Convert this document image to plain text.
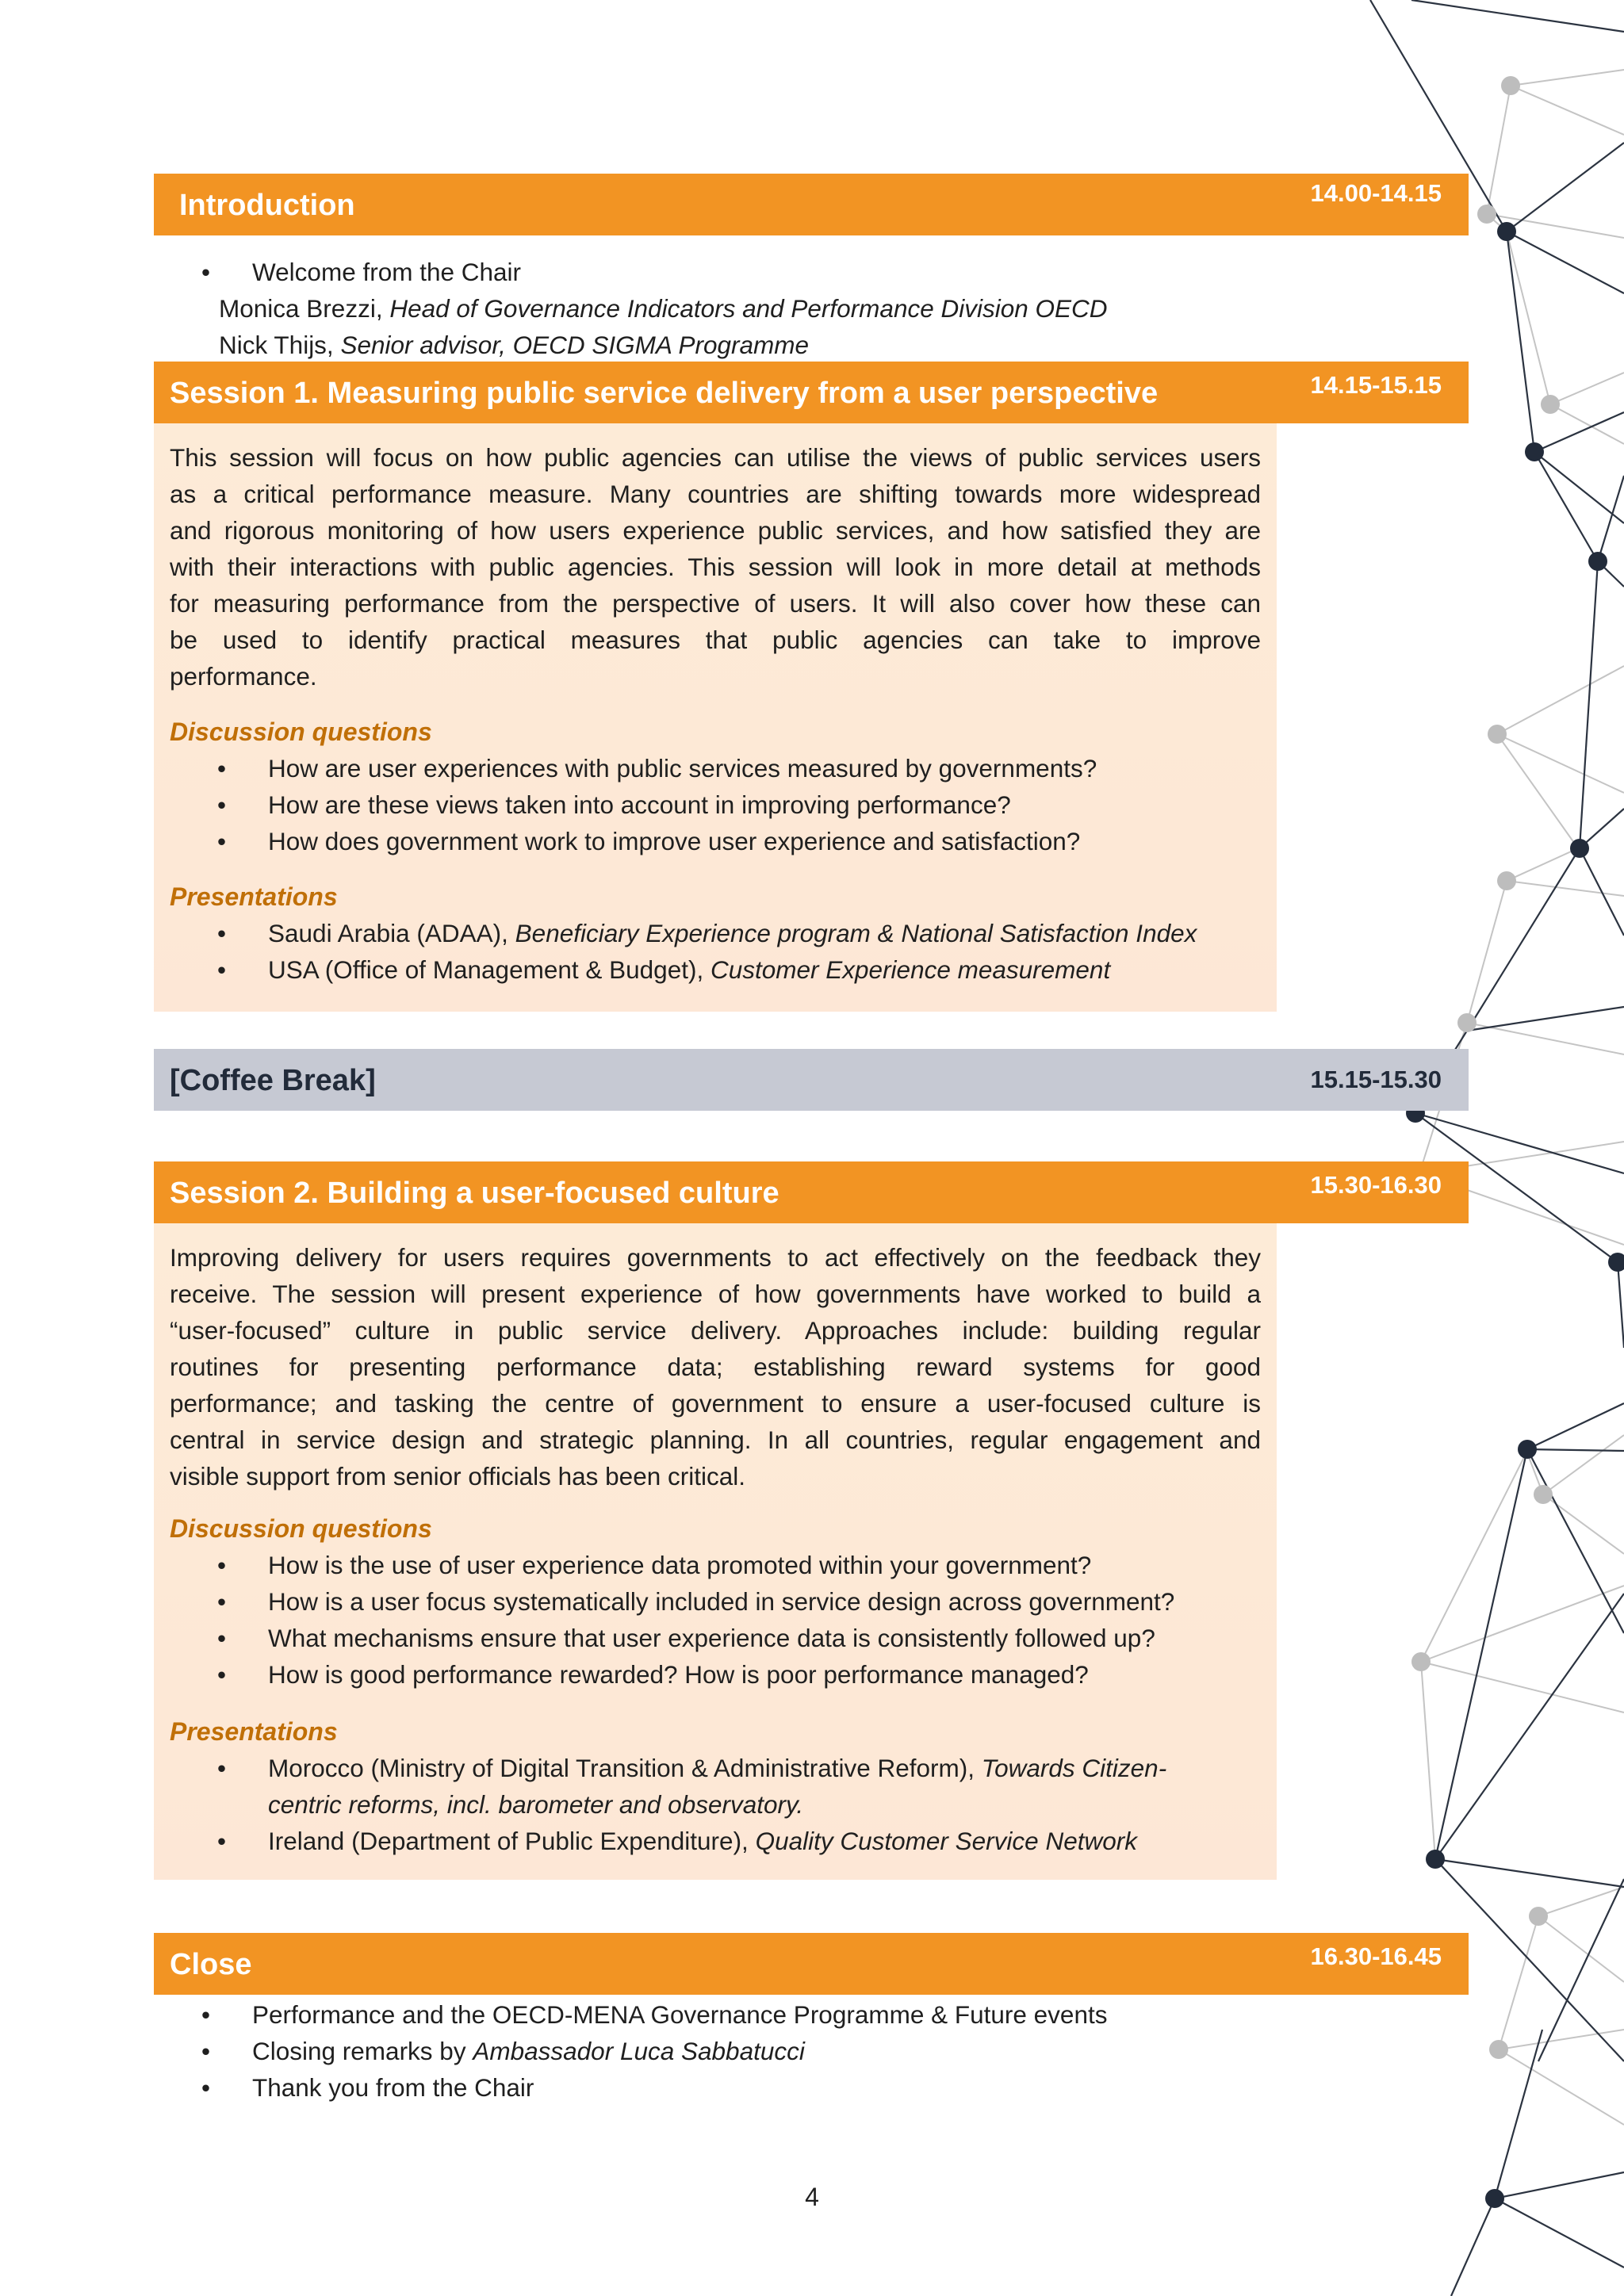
Introduction	14.00-14.15
• Welcome from the Chair
Monica Brezzi, Head of Governance Indicators and Performance Division OECD
Nick Thijs, Senior advisor, OECD SIGMA Programme
Session 1. Measuring public service delivery from a user perspective	14.15-15.15

This session will focus on how public agencies can utilise the views of public services users
as a critical performance measure. Many countries are shifting towards more widespread
and rigorous monitoring of how users experience public services, and how satisfied they are
with their interactions with public agencies. This session will look in more detail at methods
for measuring performance from the perspective of users. It will also cover how these can
be used to identify practical measures that public agencies can take to improve
performance.

Discussion questions

• How are user experiences with public services measured by governments?
• How are these views taken into account in improving performance?
• How does government work to improve user experience and satisfaction?

Presentations

• Saudi Arabia (ADAA), Beneficiary Experience program & National Satisfaction Index
• USA (Office of Management & Budget), Customer Experience measurement
[Coffee Break]	15.15-15.30
Session 2. Building a user-focused culture	15.30-16.30

Improving delivery for users requires governments to act effectively on the feedback they
receive. The session will present experience of how governments have worked to build a
“user-focused” culture in public service delivery. Approaches include: building regular
routines for presenting performance data; establishing reward systems for good
performance; and tasking the centre of government to ensure a user-focused culture is
central in service design and strategic planning. In all countries, regular engagement and
visible support from senior officials has been critical.

Discussion questions

• How is the use of user experience data promoted within your government?
• How is a user focus systematically included in service design across government?
• What mechanisms ensure that user experience data is consistently followed up?
• How is good performance rewarded? How is poor performance managed?

Presentations

• Morocco (Ministry of Digital Transition & Administrative Reform), Towards Citizen-
centric reforms, incl. barometer and observatory.
• Ireland (Department of Public Expenditure), Quality Customer Service Network
Close	16.30-16.45
• Performance and the OECD-MENA Governance Programme & Future events
• Closing remarks by Ambassador Luca Sabbatucci
• Thank you from the Chair
4
